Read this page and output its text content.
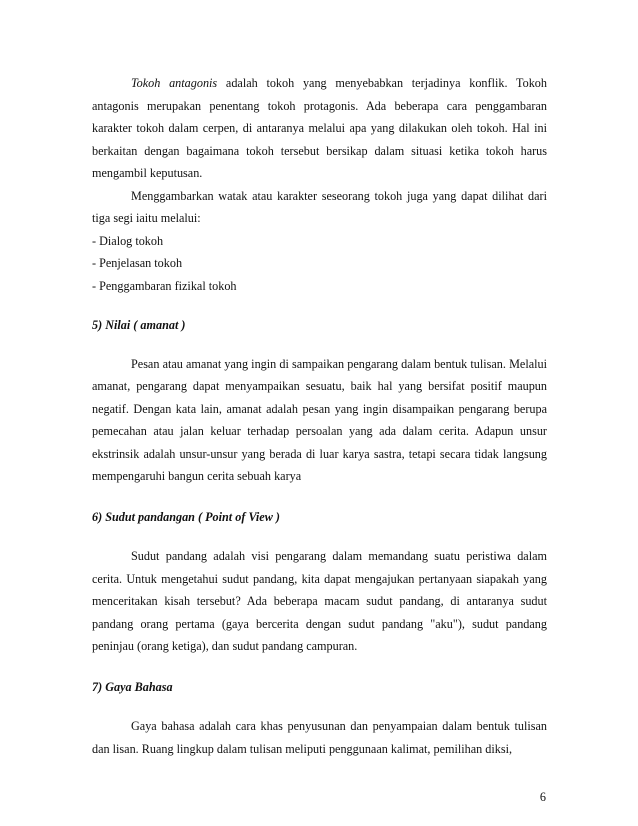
Tokoh antagonis adalah tokoh yang menyebabkan terjadinya konflik. Tokoh antagonis merupakan penentang tokoh protagonis. Ada beberapa cara penggambaran karakter tokoh dalam cerpen, di antaranya melalui apa yang dilakukan oleh tokoh. Hal ini berkaitan dengan bagaimana tokoh tersebut bersikap dalam situasi ketika tokoh harus mengambil keputusan.

Menggambarkan watak atau karakter seseorang tokoh juga yang dapat dilihat dari tiga segi iaitu melalui:

- Dialog tokoh

- Penjelasan tokoh

- Penggambaran fizikal tokoh

5) Nilai ( amanat )

Pesan atau amanat yang ingin di sampaikan pengarang dalam bentuk tulisan. Melalui amanat, pengarang dapat menyampaikan sesuatu, baik hal yang bersifat positif maupun negatif. Dengan kata lain, amanat adalah pesan yang ingin disampaikan pengarang berupa pemecahan atau jalan keluar terhadap persoalan yang ada dalam cerita. Adapun unsur ekstrinsik adalah unsur-unsur yang berada di luar karya sastra, tetapi secara tidak langsung mempengaruhi bangun cerita sebuah karya

6) Sudut pandangan ( Point of View )

Sudut pandang adalah visi pengarang dalam memandang suatu peristiwa dalam cerita. Untuk mengetahui sudut pandang, kita dapat mengajukan pertanyaan siapakah yang menceritakan kisah tersebut? Ada beberapa macam sudut pandang, di antaranya sudut pandang orang pertama (gaya bercerita dengan sudut pandang "aku"), sudut pandang peninjau (orang ketiga), dan sudut pandang campuran.

7) Gaya Bahasa

Gaya bahasa adalah cara khas penyusunan dan penyampaian dalam bentuk tulisan dan lisan. Ruang lingkup dalam tulisan meliputi penggunaan kalimat, pemilihan diksi,

6
